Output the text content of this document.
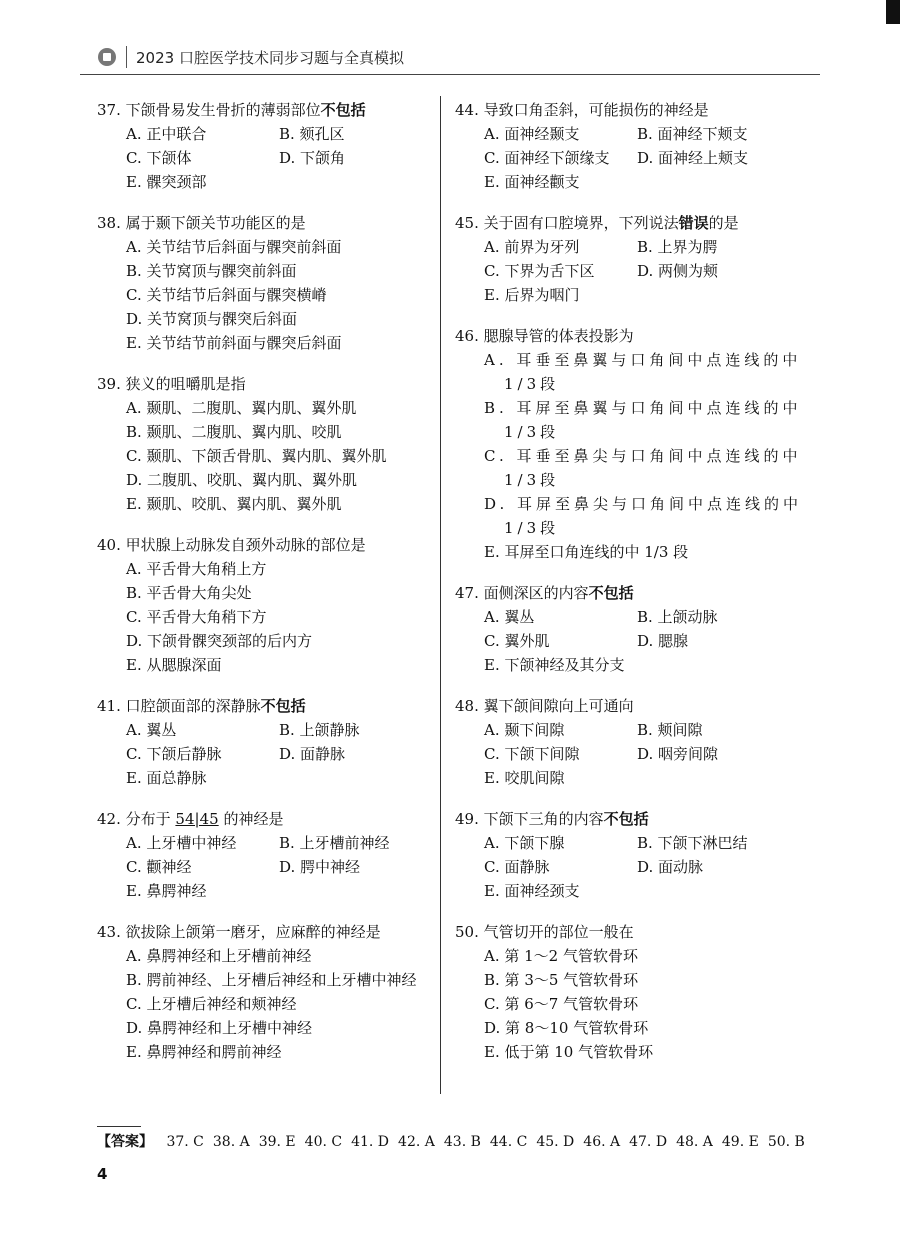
2023 口腔医学技术同步习题与全真模拟
37. 下颌骨易发生骨折的薄弱部位不包括
A. 正中联合	B. 颏孔区
C. 下颌体	D. 下颌角
E. 髁突颈部
38. 属于颞下颌关节功能区的是
A. 关节结节后斜面与髁突前斜面
B. 关节窝顶与髁突前斜面
C. 关节结节后斜面与髁突横嵴
D. 关节窝顶与髁突后斜面
E. 关节结节前斜面与髁突后斜面
39. 狭义的咀嚼肌是指
A. 颞肌、二腹肌、翼内肌、翼外肌
B. 颞肌、二腹肌、翼内肌、咬肌
C. 颞肌、下颌舌骨肌、翼内肌、翼外肌
D. 二腹肌、咬肌、翼内肌、翼外肌
E. 颞肌、咬肌、翼内肌、翼外肌
40. 甲状腺上动脉发自颈外动脉的部位是
A. 平舌骨大角稍上方
B. 平舌骨大角尖处
C. 平舌骨大角稍下方
D. 下颌骨髁突颈部的后内方
E. 从腮腺深面
41. 口腔颌面部的深静脉不包括
A. 翼丛	B. 上颌静脉
C. 下颌后静脉	D. 面静脉
E. 面总静脉
42. 分布于 54|45 的神经是
A. 上牙槽中神经	B. 上牙槽前神经
C. 颧神经	D. 腭中神经
E. 鼻腭神经
43. 欲拔除上颌第一磨牙，应麻醉的神经是
A. 鼻腭神经和上牙槽前神经
B. 腭前神经、上牙槽后神经和上牙槽中神经
C. 上牙槽后神经和颊神经
D. 鼻腭神经和上牙槽中神经
E. 鼻腭神经和腭前神经
44. 导致口角歪斜，可能损伤的神经是
A. 面神经颞支	B. 面神经下颊支
C. 面神经下颌缘支	D. 面神经上颊支
E. 面神经颧支
45. 关于固有口腔境界，下列说法错误的是
A. 前界为牙列	B. 上界为腭
C. 下界为舌下区	D. 两侧为颊
E. 后界为咽门
46. 腮腺导管的体表投影为
A. 耳垂至鼻翼与口角间中点连线的中1/3段
B. 耳屏至鼻翼与口角间中点连线的中1/3段
C. 耳垂至鼻尖与口角间中点连线的中1/3段
D. 耳屏至鼻尖与口角间中点连线的中1/3段
E. 耳屏至口角连线的中 1/3 段
47. 面侧深区的内容不包括
A. 翼丛	B. 上颌动脉
C. 翼外肌	D. 腮腺
E. 下颌神经及其分支
48. 翼下颌间隙向上可通向
A. 颞下间隙	B. 颊间隙
C. 下颌下间隙	D. 咽旁间隙
E. 咬肌间隙
49. 下颌下三角的内容不包括
A. 下颌下腺	B. 下颌下淋巴结
C. 面静脉	D. 面动脉
E. 面神经颈支
50. 气管切开的部位一般在
A. 第 1～2 气管软骨环
B. 第 3～5 气管软骨环
C. 第 6～7 气管软骨环
D. 第 8～10 气管软骨环
E. 低于第 10 气管软骨环
【答案】 37. C 38. A 39. E 40. C 41. D 42. A 43. B 44. C 45. D 46. A 47. D 48. A 49. E 50. B
4
